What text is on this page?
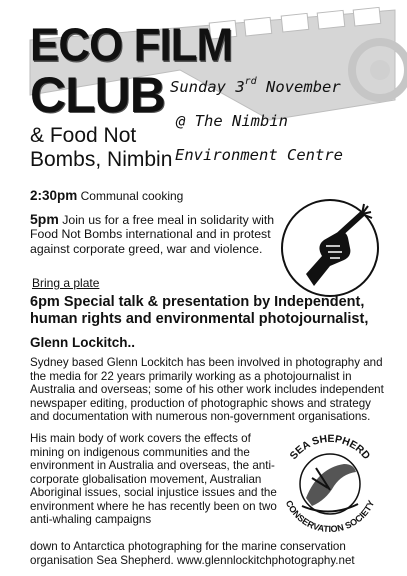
ECO FILM
CLUB Sunday 3rd November
@ The Nimbin
Environment Centre
& Food Not
Bombs, Nimbin
2:30pm Communal cooking
5pm Join us for a free meal in solidarity with Food Not Bombs international and in protest against corporate greed, war and violence.
Bring a plate
6pm Special talk & presentation by Independent, human rights and environmental photojournalist,
Glenn Lockitch..
Sydney based Glenn Lockitch has been involved in photography and the media for 22 years primarily working as a photojournalist in Australia and overseas; some of his other work includes independent newspaper editing, production of photographic shows and strategy and documentation with numerous non-government organisations.
His main body of work covers the effects of mining on indigenous communities and the environment in Australia and overseas, the anti-corporate globalisation movement, Australian Aboriginal issues, social injustice issues and the environment where he has recently been on two anti-whaling campaigns
down to Antarctica photographing for the marine conservation organisation Sea Shepherd. www.glennlockitchphotography.net
SEA SHEPHERD
CONSERVATION SOCIETY
